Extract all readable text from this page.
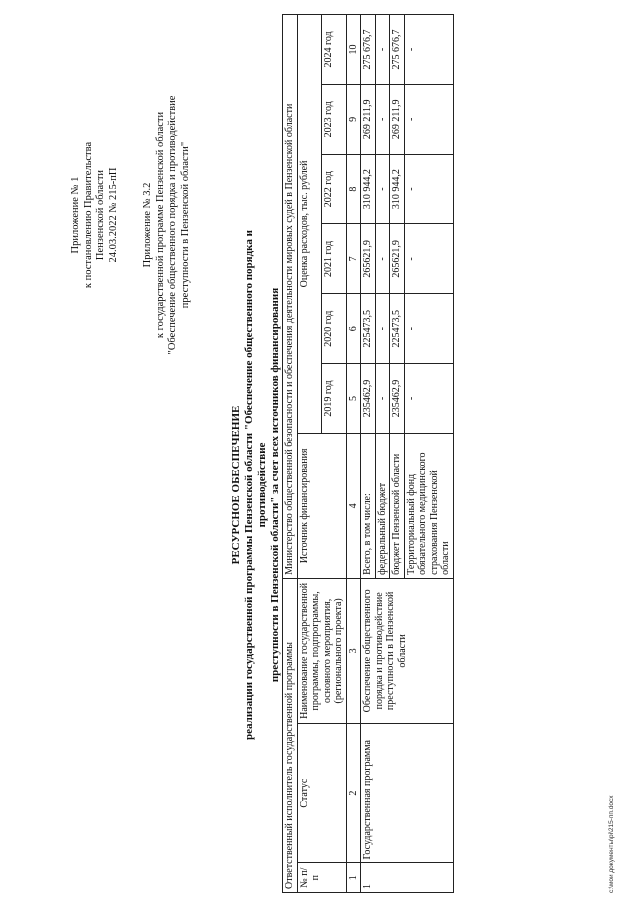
Приложение № 1 к постановлению Правительства Пензенской области 24.03.2022 № 215-пП Приложение № 3.2 к государственной программе Пензенской области "Обеспечение общественного порядка и противодействие преступности в Пензенской области"
РЕСУРСНОЕ ОБЕСПЕЧЕНИЕ реализации государственной программы Пензенской области "Обеспечение общественного порядка и противодействие преступности в Пензенской области" за счет всех источников финансирования
Ответственный исполнитель государственной программы			Министерство общественной безопасности и обеспечения деятельности мировых судей в Пензенской области						
№ п/п	Статус	Наименование государственной программы, подпрограммы, основного мероприятия, (регионального проекта)	Источник финансирования	Оценка расходов, тыс. рублей					
				2019 год	2020 год	2021 год	2022 год	2023 год	2024 год
1	2	3	4	5	6	7	8	9	10
1	Государственная программа	Обеспечение общественного порядка и противодействие преступности в Пензенской области	Всего, в том числе:	235462,9	225473,5	265621,9	310 944,2	269 211,9	275 676,7
			федеральный бюджет	-	-	-	-	-	-
			бюджет Пензенской области	235462,9	225473,5	265621,9	310 944,2	269 211,9	275 676,7
			Территориальный фонд обязательного медицинского страхования Пензенской области	-	-	-	-	-	-
c:\мои документы\pi\215-пп.docx
